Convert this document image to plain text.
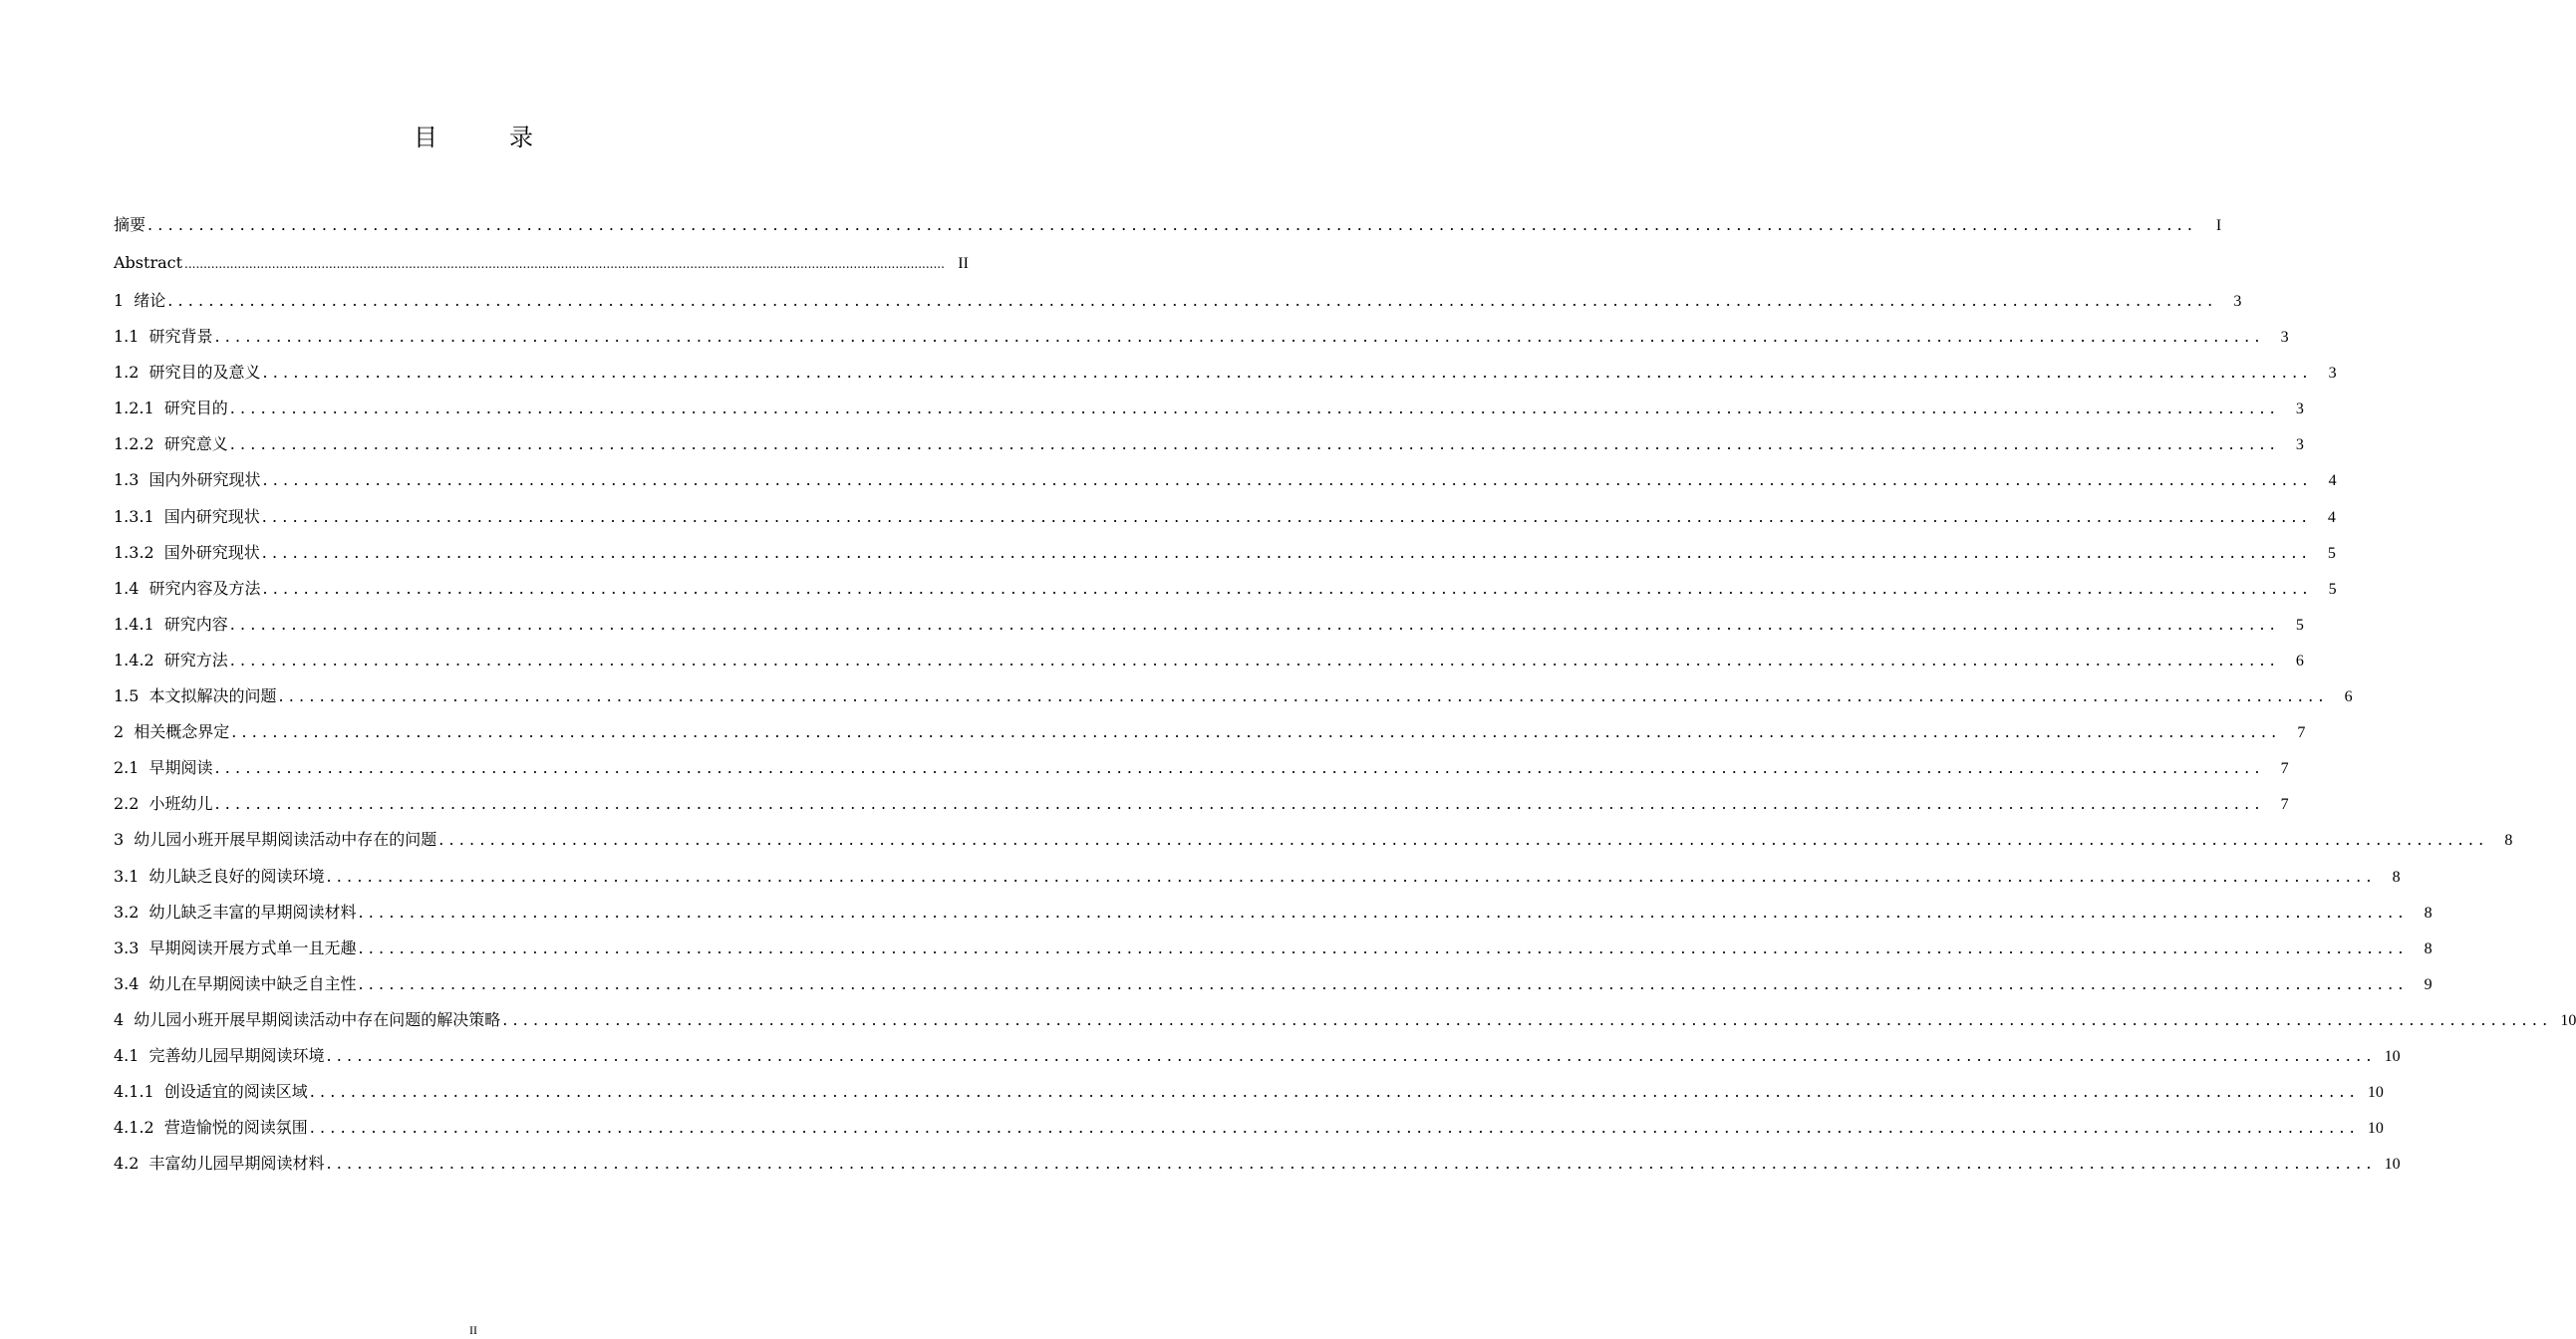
目　录
摘要 ........................................................................................................................................................................................................	I
Abstract ........................................................................................................................................................................................................ II
1 绪论 ........................................................................................................................................................................................................	3
1.1 研究背景 ........................................................................................................................................................................................................	3
1.2 研究目的及意义 ........................................................................................................................................................................................................	3
1.2.1 研究目的 ........................................................................................................................................................................................................	3
1.2.2 研究意义 ........................................................................................................................................................................................................	3
1.3 国内外研究现状 ........................................................................................................................................................................................................	4
1.3.1 国内研究现状 ........................................................................................................................................................................................................	4
1.3.2 国外研究现状 ........................................................................................................................................................................................................	5
1.4 研究内容及方法 ........................................................................................................................................................................................................	5
1.4.1 研究内容 ........................................................................................................................................................................................................	5
1.4.2 研究方法 ........................................................................................................................................................................................................	6
1.5 本文拟解决的问题 ........................................................................................................................................................................................................	6
2 相关概念界定 ........................................................................................................................................................................................................	7
2.1 早期阅读 ........................................................................................................................................................................................................	7
2.2 小班幼儿 ........................................................................................................................................................................................................	7
3 幼儿园小班开展早期阅读活动中存在的问题 ........................................................................................................................................................................................................	8
3.1 幼儿缺乏良好的阅读环境 ........................................................................................................................................................................................................	8
3.2 幼儿缺乏丰富的早期阅读材料 ........................................................................................................................................................................................................	8
3.3 早期阅读开展方式单一且无趣 ........................................................................................................................................................................................................	8
3.4 幼儿在早期阅读中缺乏自主性 ........................................................................................................................................................................................................	9
4 幼儿园小班开展早期阅读活动中存在问题的解决策略 ........................................................................................................................................................................................................ 10
4.1 完善幼儿园早期阅读环境 ........................................................................................................................................................................................................ 10
4.1.1 创设适宜的阅读区域 ........................................................................................................................................................................................................ 10
4.1.2 营造愉悦的阅读氛围 ........................................................................................................................................................................................................ 10
4.2 丰富幼儿园早期阅读材料 ........................................................................................................................................................................................................ 10
II
